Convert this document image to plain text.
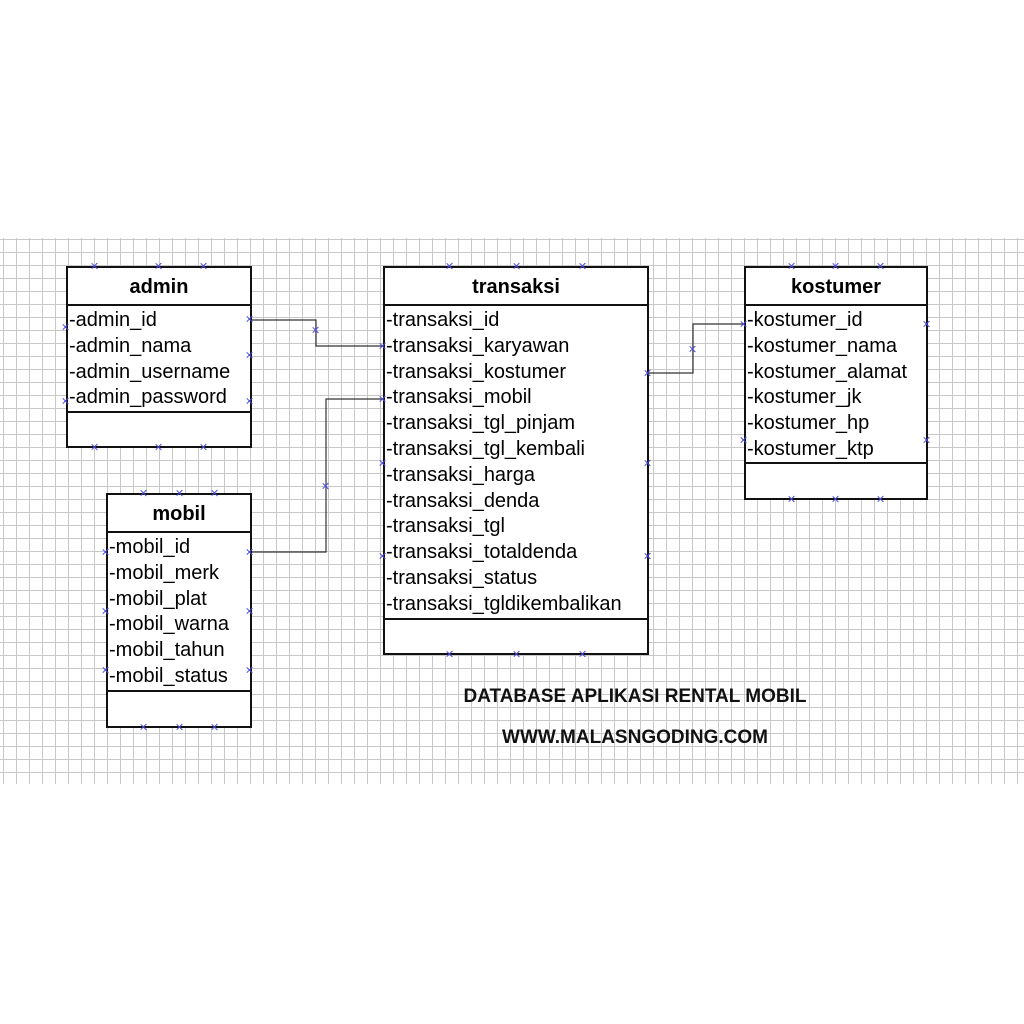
admin
-admin_id
-admin_nama
-admin_username
-admin_password
transaksi
-transaksi_id
-transaksi_karyawan
-transaksi_kostumer
-transaksi_mobil
-transaksi_tgl_pinjam
-transaksi_tgl_kembali
-transaksi_harga
-transaksi_denda
-transaksi_tgl
-transaksi_totaldenda
-transaksi_status
-transaksi_tgldikembalikan
kostumer
-kostumer_id
-kostumer_nama
-kostumer_alamat
-kostumer_jk
-kostumer_hp
-kostumer_ktp
mobil
-mobil_id
-mobil_merk
-mobil_plat
-mobil_warna
-mobil_tahun
-mobil_status
DATABASE APLIKASI RENTAL MOBIL
WWW.MALASNGODING.COM
